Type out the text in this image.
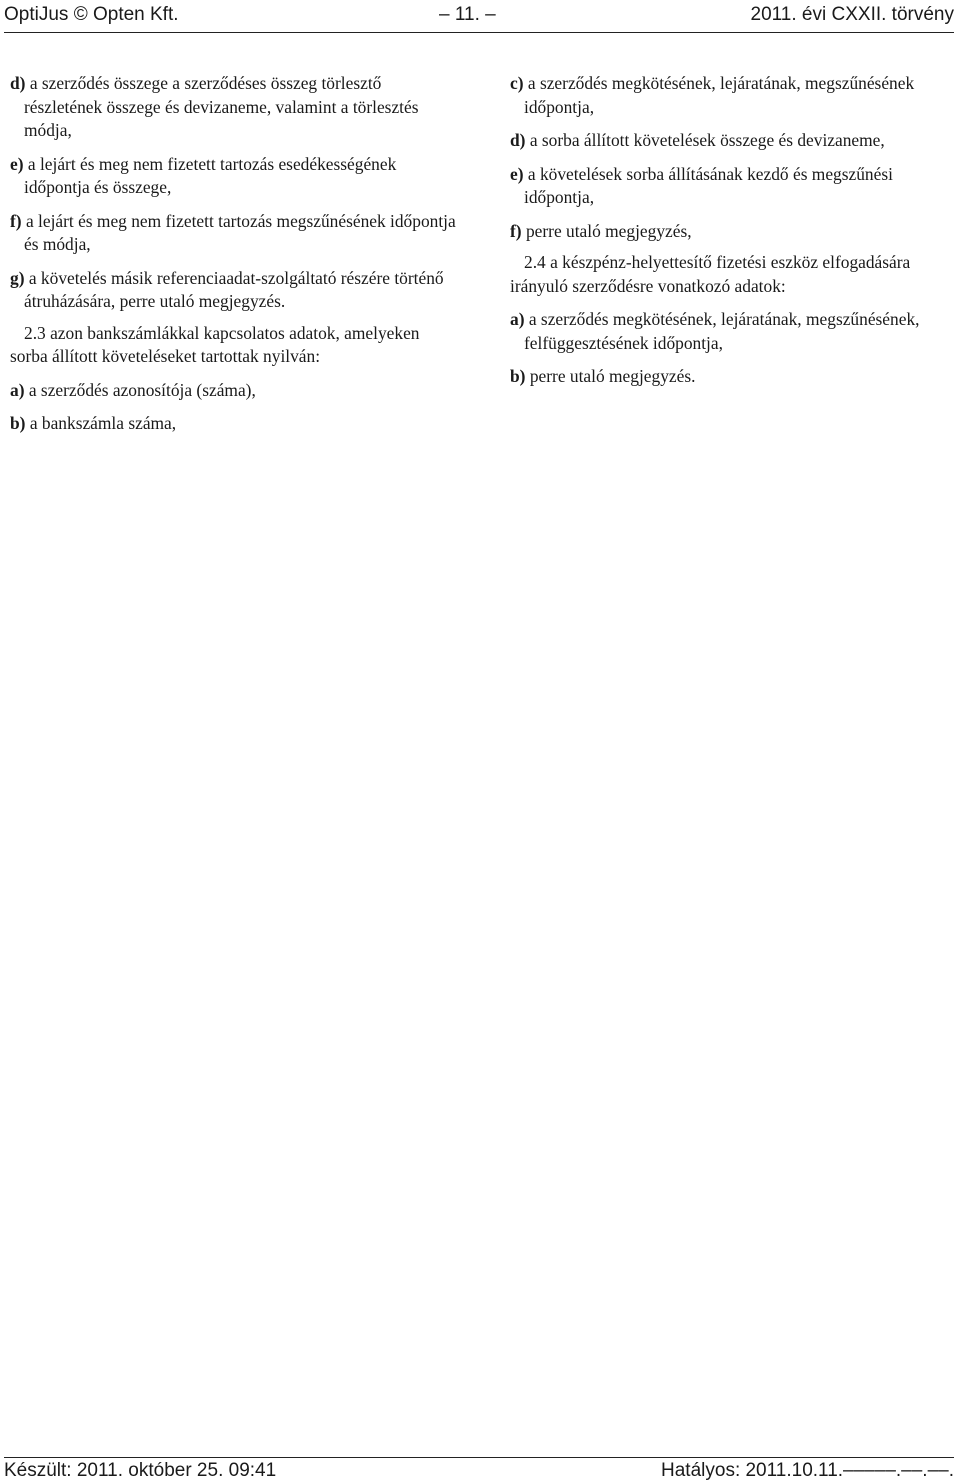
OptiJus © Opten Kft.	– 11. –	2011. évi CXXII. törvény

d) a szerződés összege a szerződéses összeg törlesztő részletének összege és devizaneme, valamint a törlesztés módja,

e) a lejárt és meg nem fizetett tartozás esedékességének időpontja és összege,

f) a lejárt és meg nem fizetett tartozás megszűnésének időpontja és módja,

g) a követelés másik referenciaadat-szolgáltató részére történő átruházására, perre utaló megjegyzés.

2.3 azon bankszámlákkal kapcsolatos adatok, amelyeken sorba állított követeléseket tartottak nyilván:

a) a szerződés azonosítója (száma),

b) a bankszámla száma,

c) a szerződés megkötésének, lejáratának, megszűnésének időpontja,

d) a sorba állított követelések összege és devizaneme,

e) a követelések sorba állításának kezdő és megszűnési időpontja,

f) perre utaló megjegyzés,

2.4 a készpénz-helyettesítő fizetési eszköz elfogadására irányuló szerződésre vonatkozó adatok:

a) a szerződés megkötésének, lejáratának, megszűnésének, felfüggesztésének időpontja,

b) perre utaló megjegyzés.

Készült: 2011. október 25. 09:41	Hatályos: 2011.10.11.–––––.––.––.
